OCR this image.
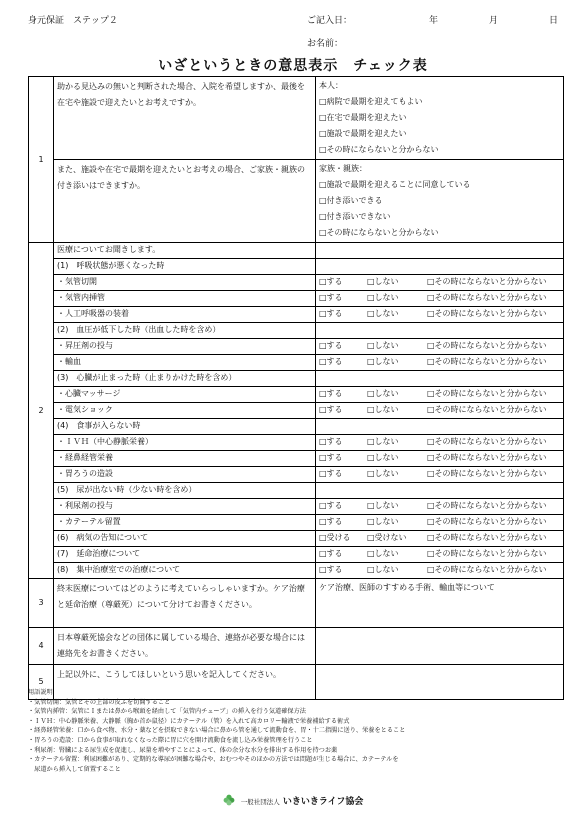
身元保証　ステップ２	ご記入日：	年	月	日
お名前：
いざというときの意思表示　チェック表
1	助かる見込みの無いと判断された場合、入院を希望しますか、最後を在宅や施設で迎えたいとお考えですか。	本人：
□病院で最期を迎えてもよい
□在宅で最期を迎えたい
□施設で最期を迎えたい
□その時にならないと分からない

	また、施設や在宅で最期を迎えたいとお考えの場合、ご家族・親族の付き添いはできますか。	家族・親族：
□施設で最期を迎えることに同意している
□付き添いできる
□付き添いできない
□その時にならないと分からない

2	医療についてお聞きします。	
	(1)　呼吸状態が悪くなった時	
	・気管切開	□する □しない □その時にならないと分からない
	・気管内挿管	□する □しない □その時にならないと分からない
	・人工呼吸器の装着	□する □しない □その時にならないと分からない
	(2)　血圧が低下した時（出血した時を含め）	
	・昇圧剤の投与	□する □しない □その時にならないと分からない
	・輸血	□する □しない □その時にならないと分からない
	(3)　心臓が止まった時（止まりかけた時を含め）	
	・心臓マッサージ	□する □しない □その時にならないと分からない
	・電気ショック	□する □しない □その時にならないと分からない
	(4)　食事が入らない時	
	・ＩＶＨ（中心静脈栄養）	□する □しない □その時にならないと分からない
	・経鼻経管栄養	□する □しない □その時にならないと分からない
	・胃ろうの造設	□する □しない □その時にならないと分からない
	(5)　尿が出ない時（少ない時を含め）	
	・利尿剤の投与	□する □しない □その時にならないと分からない
	・カテーテル留置	□する □しない □その時にならないと分からない
	(6)　病気の告知について	□受ける □受けない □その時にならないと分からない
	(7)　延命治療について	□する □しない □その時にならないと分からない
	(8)　集中治療室での治療について	□する □しない □その時にならないと分からない
3	終末医療についてはどのように考えていらっしゃいますか。ケア治療と延命治療（尊厳死）について分けてお書きください。	ケア治療、医師のすすめる手術、輸血等について
4	日本尊厳死協会などの団体に属している場合、連絡が必要な場合には連絡先をお書きください。	
5	上記以外に、こうしてほしいという思いを記入してください。	
用語説明
・気管切開：気管とその上部の皮ふを切開すること
・気管内挿管：気管にＩまたは鼻から喉頭を経由して「気管内チューブ」の挿入を行う気道確保方法
・ＩＶＨ：中心静脈栄養、大静脈（胸か首か鼠径）にカテーテル（管）を入れて高カロリー輸液で栄養補給する術式
・経鼻経管栄養：口から食べ物、水分・薬などを摂取できない場合に鼻から管を通して流動食を、胃・十二指腸に送り、栄養をとること
・胃ろうの造設：口から食事が取れなくなった際に胃に穴を開け流動食を流し込み栄養管理を行うこと
・利尿剤：腎臓による尿生成を促進し、尿量を増やすことによって、体の余分な水分を排出する作用を持つお薬
・カテーテル留置：利尿困難があり、定期的な導尿が困難な場合や、おむつやそのほかの方法では問題が生じる場合に、カテーテルを
　尿道から挿入して留置すること
一般社団法人 いきいきライフ協会
